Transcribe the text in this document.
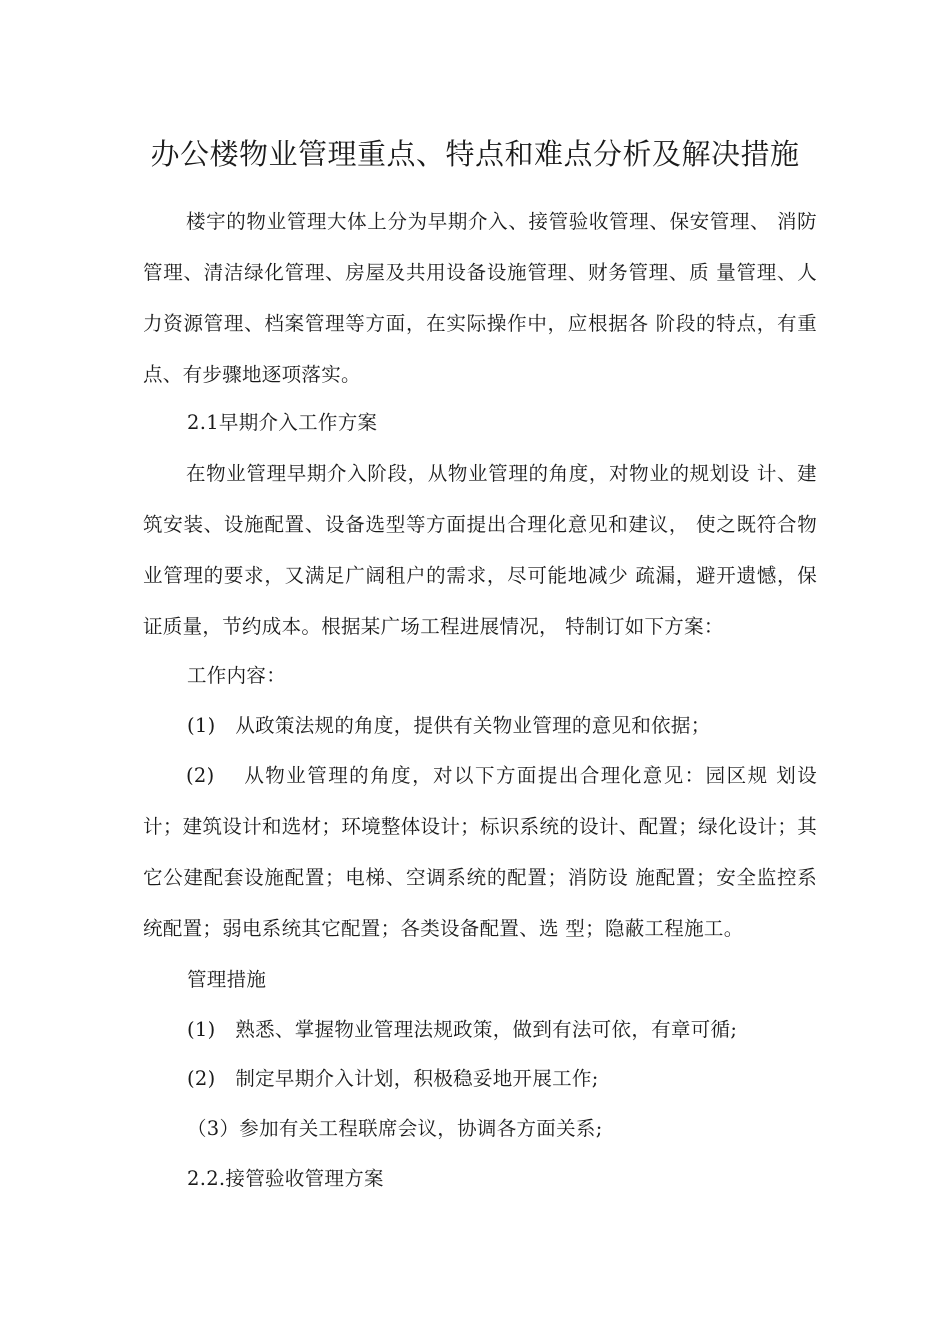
办公楼物业管理重点、特点和难点分析及解决措施
楼宇的物业管理大体上分为早期介入、接管验收管理、保安管理、 消防管理、清洁绿化管理、房屋及共用设备设施管理、财务管理、质 量管理、人力资源管理、档案管理等方面，在实际操作中，应根据各 阶段的特点，有重点、有步骤地逐项落实。
2.1早期介入工作方案
在物业管理早期介入阶段，从物业管理的角度，对物业的规划设 计、建筑安装、设施配置、设备选型等方面提出合理化意见和建议， 使之既符合物业管理的要求，又满足广阔租户的需求，尽可能地减少 疏漏，避开遗憾，保证质量，节约成本。根据某广场工程进展情况， 特制订如下方案：
工作内容：
(1)　从政策法规的角度，提供有关物业管理的意见和依据；
(2)　 从物业管理的角度，对以下方面提出合理化意见：园区规 划设计；建筑设计和选材；环境整体设计；标识系统的设计、配置；绿化设计；其它公建配套设施配置；电梯、空调系统的配置；消防设 施配置；安全监控系统配置；弱电系统其它配置；各类设备配置、选 型；隐蔽工程施工。
管理措施
(1)　熟悉、掌握物业管理法规政策，做到有法可依，有章可循;
(2)　制定早期介入计划，积极稳妥地开展工作;
（3）参加有关工程联席会议，协调各方面关系;
2.2.接管验收管理方案
